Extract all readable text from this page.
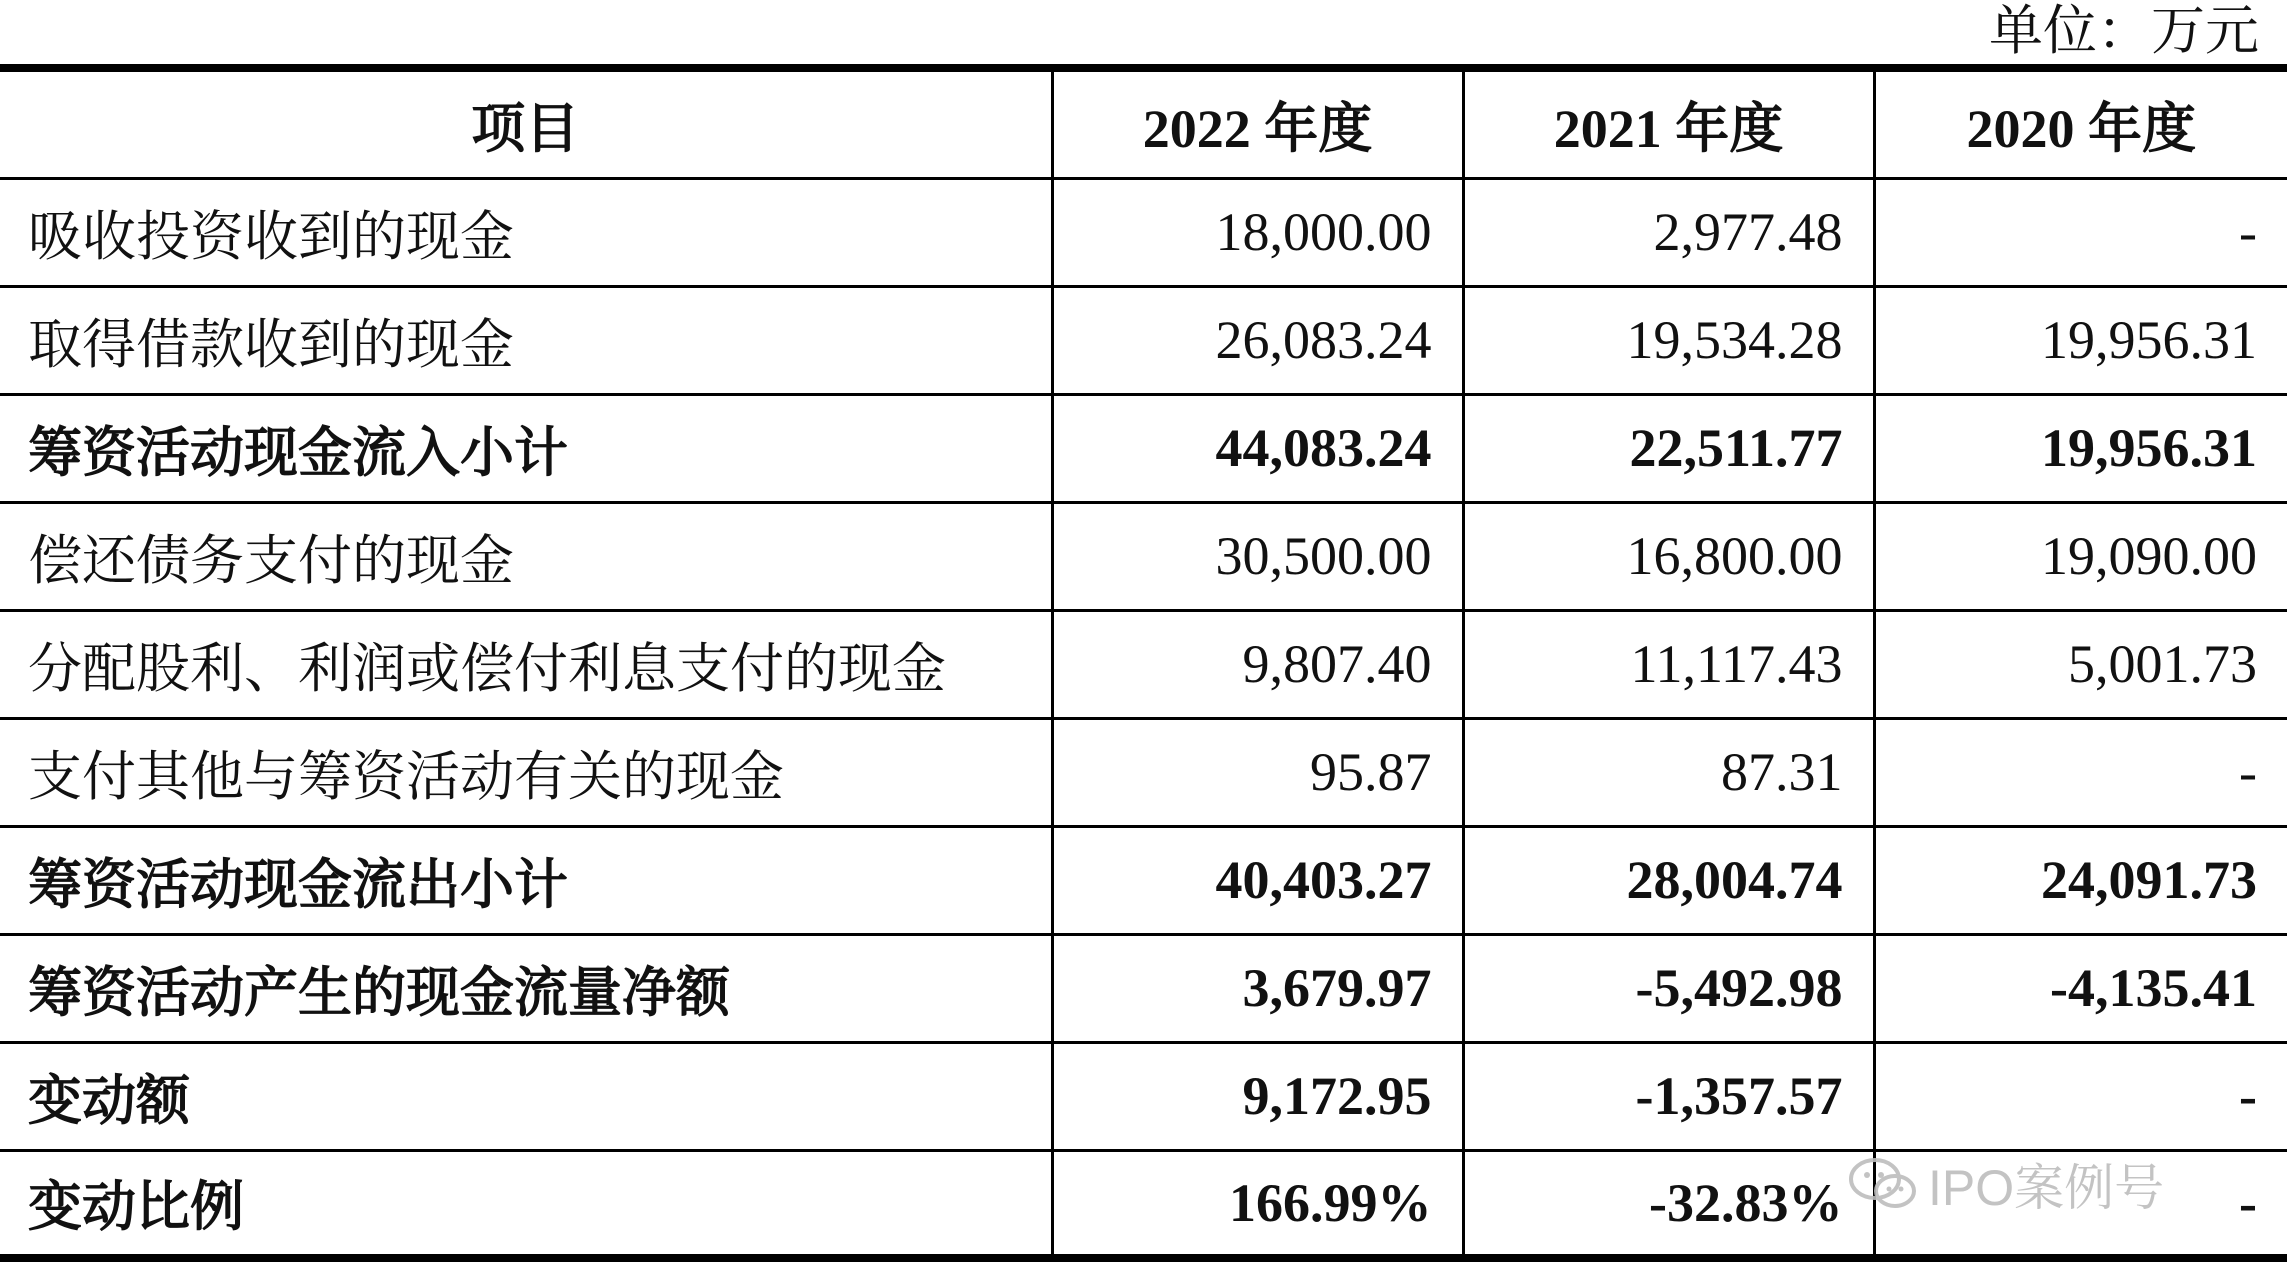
单位：万元
项目	2022 年度	2021 年度	2020 年度
吸收投资收到的现金	18,000.00	2,977.48	-
取得借款收到的现金	26,083.24	19,534.28	19,956.31
筹资活动现金流入小计	44,083.24	22,511.77	19,956.31
偿还债务支付的现金	30,500.00	16,800.00	19,090.00
分配股利、利润或偿付利息支付的现金	9,807.40	11,117.43	5,001.73
支付其他与筹资活动有关的现金	95.87	87.31	-
筹资活动现金流出小计	40,403.27	28,004.74	24,091.73
筹资活动产生的现金流量净额	3,679.97	-5,492.98	-4,135.41
变动额	9,172.95	-1,357.57	-
变动比例	166.99%	-32.83%	-
IPO案例号
